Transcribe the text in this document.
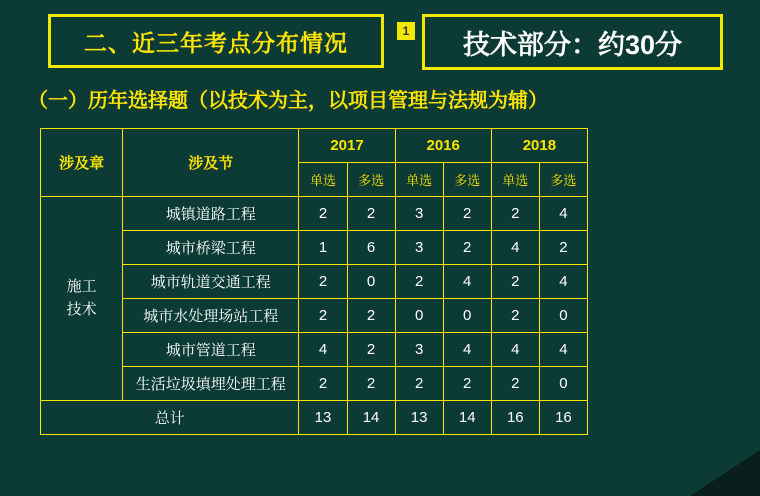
二、近三年考点分布情况	1 技术部分：约30分
（一）历年选择题（以技术为主，以项目管理与法规为辅）
涉及章	涉及节	2017		2016		2018	
		单选	多选	单选	多选	单选	多选

施工
技术	城镇道路工程	2	2	3	2	2	4
	城市桥梁工程	1	6	3	2	4	2
	城市轨道交通工程	2	0	2	4	2	4
	城市水处理场站工程	2	2	0	0	2	0
	城市管道工程	4	2	3	4	4	4
	生活垃圾填埋处理工程	2	2	2	2	2	0
总计		13	14	13	14	16	16
